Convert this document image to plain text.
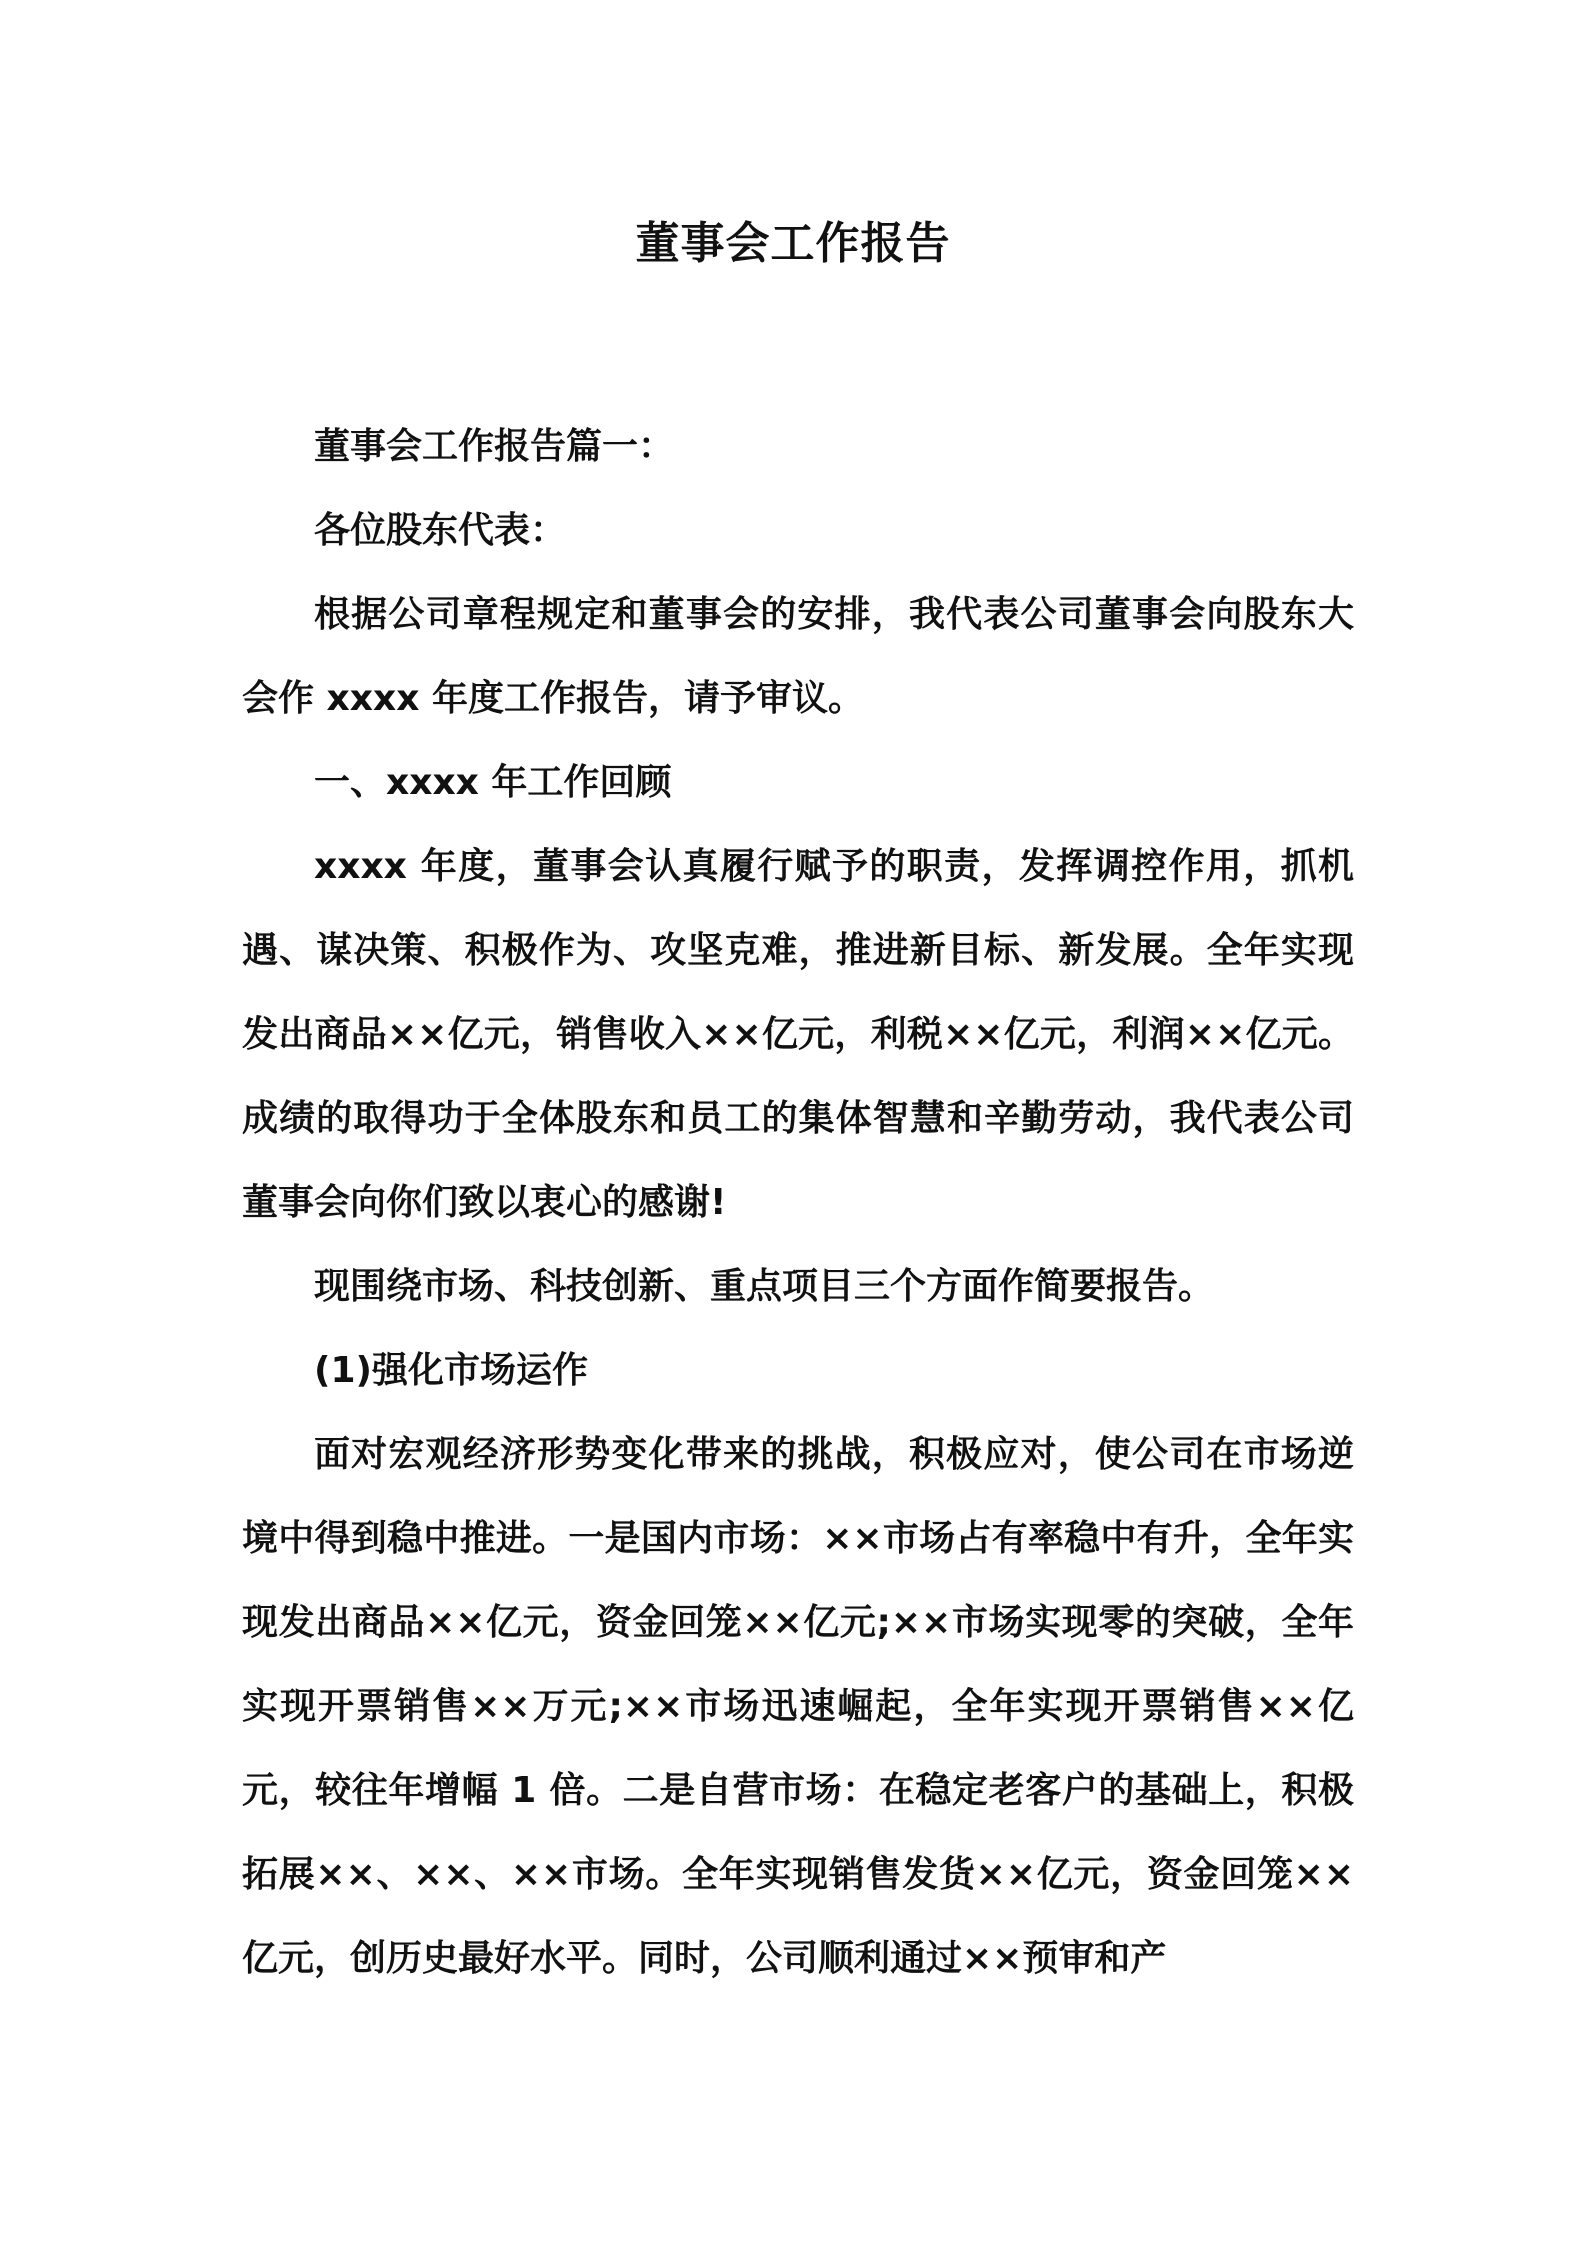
董事会工作报告

董事会工作报告篇一：

各位股东代表：

根据公司章程规定和董事会的安排，我代表公司董事会向股东大会作 xxxx 年度工作报告，请予审议。

一、xxxx 年工作回顾

xxxx 年度，董事会认真履行赋予的职责，发挥调控作用，抓机遇、谋决策、积极作为、攻坚克难，推进新目标、新发展。全年实现发出商品××亿元，销售收入××亿元，利税××亿元，利润××亿元。成绩的取得功于全体股东和员工的集体智慧和辛勤劳动，我代表公司董事会向你们致以衷心的感谢!

现围绕市场、科技创新、重点项目三个方面作简要报告。

(1)强化市场运作

面对宏观经济形势变化带来的挑战，积极应对，使公司在市场逆境中得到稳中推进。一是国内市场：××市场占有率稳中有升，全年实现发出商品××亿元，资金回笼××亿元;××市场实现零的突破，全年实现开票销售××万元;××市场迅速崛起，全年实现开票销售××亿元，较往年增幅 1 倍。二是自营市场：在稳定老客户的基础上，积极拓展××、××、××市场。全年实现销售发货××亿元，资金回笼××亿元，创历史最好水平。同时，公司顺利通过××预审和产
